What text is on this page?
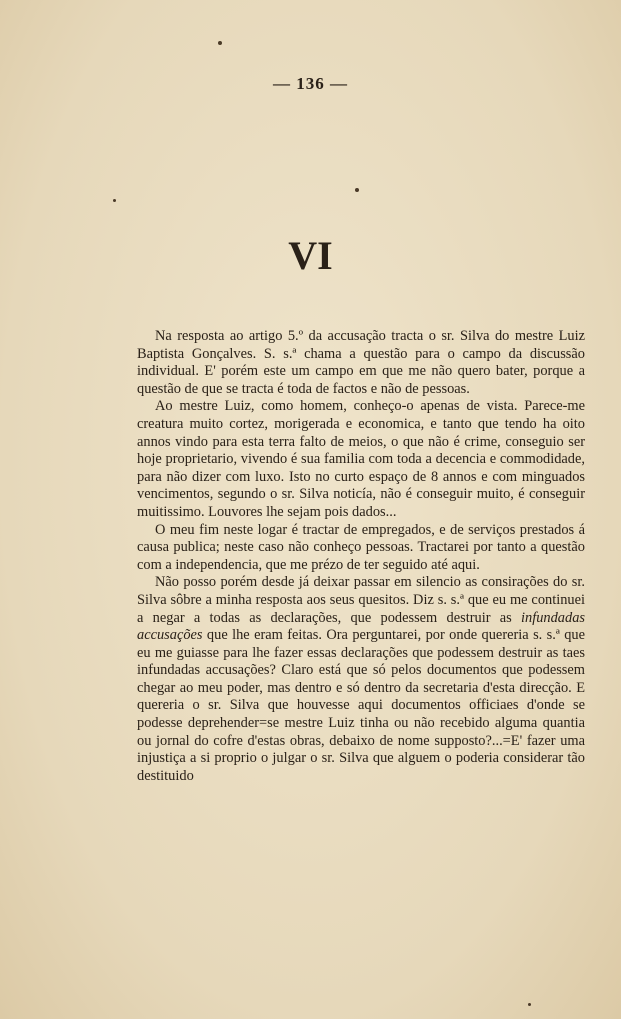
— 136 —
VI

Na resposta ao artigo 5.º da accusação tracta o sr. Silva do mestre Luiz Baptista Gonçalves. S. s.ª chama a questão para o campo da discussão individual. E' porém este um campo em que me não quero bater, porque a questão de que se tracta é toda de factos e não de pessoas.

Ao mestre Luiz, como homem, conheço-o apenas de vista. Parece-me creatura muito cortez, morigerada e economica, e tanto que tendo ha oito annos vindo para esta terra falto de meios, o que não é crime, conseguio ser hoje proprietario, vivendo é sua familia com toda a decencia e commodidade, para não dizer com luxo. Isto no curto espaço de 8 annos e com minguados vencimentos, segundo o sr. Silva noticía, não é conseguir muito, é conseguir muitissimo. Louvores lhe sejam pois dados...

O meu fim neste logar é tractar de empregados, e de serviços prestados á causa publica; neste caso não conheço pessoas. Tractarei por tanto a questão com a independencia, que me prézo de ter seguido até aqui.

Não posso porém desde já deixar passar em silencio as consirações do sr. Silva sôbre a minha resposta aos seus quesitos. Diz s. s.ª que eu me continuei a negar a todas as declarações, que podessem destruir as infundadas accusações que lhe eram feitas. Ora perguntarei, por onde quereria s. s.ª que eu me guiasse para lhe fazer essas declarações que podessem destruir as taes infundadas accusações? Claro está que só pelos documentos que podessem chegar ao meu poder, mas dentro e só dentro da secretaria d'esta direcção. E quereria o sr. Silva que houvesse aqui documentos officiaes d'onde se podesse deprehender=se mestre Luiz tinha ou não recebido alguma quantia ou jornal do cofre d'estas obras, debaixo de nome supposto?...=E' fazer uma injustiça a si proprio o julgar o sr. Silva que alguem o poderia considerar tão destituido
